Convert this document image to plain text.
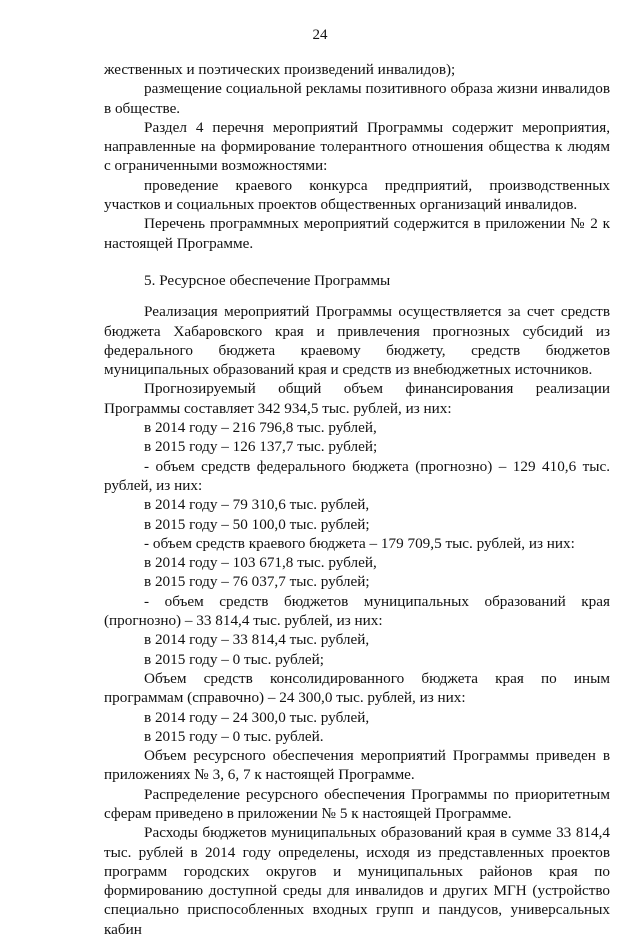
24

жественных и поэтических произведений инвалидов);

размещение социальной рекламы позитивного образа жизни инвалидов в обществе.

Раздел 4 перечня мероприятий Программы содержит мероприятия, направленные на формирование толерантного отношения общества к людям с ограниченными возможностями:

проведение краевого конкурса предприятий, производственных участков и социальных проектов общественных организаций инвалидов.

Перечень программных мероприятий содержится в приложении № 2 к настоящей Программе.

5. Ресурсное обеспечение Программы

Реализация мероприятий Программы осуществляется за счет средств бюджета Хабаровского края и привлечения прогнозных субсидий из федерального бюджета краевому бюджету, средств бюджетов муниципальных образований края и средств из внебюджетных источников.

Прогнозируемый общий объем финансирования реализации Программы составляет 342 934,5 тыс. рублей, из них:

в 2014 году – 216 796,8 тыс. рублей,

в 2015 году – 126 137,7 тыс. рублей;

- объем средств федерального бюджета (прогнозно) – 129 410,6 тыс. рублей, из них:

в 2014 году – 79 310,6 тыс. рублей,

в 2015 году – 50 100,0 тыс. рублей;

- объем средств краевого бюджета – 179 709,5 тыс. рублей, из них:

в 2014 году – 103 671,8 тыс. рублей,

в 2015 году – 76 037,7 тыс. рублей;

- объем средств бюджетов муниципальных образований края (прогнозно) – 33 814,4 тыс. рублей, из них:

в 2014 году – 33 814,4 тыс. рублей,

в 2015 году – 0 тыс. рублей;

Объем средств консолидированного бюджета края по иным программам (справочно) – 24 300,0 тыс. рублей, из них:

в 2014 году – 24 300,0 тыс. рублей,

в 2015 году – 0 тыс. рублей.

Объем ресурсного обеспечения мероприятий Программы приведен в приложениях № 3, 6, 7 к настоящей Программе.

Распределение ресурсного обеспечения Программы по приоритетным сферам приведено в приложении № 5 к настоящей Программе.

Расходы бюджетов муниципальных образований края в сумме 33 814,4 тыс. рублей в 2014 году определены, исходя из представленных проектов программ городских округов и муниципальных районов края по формированию доступной среды для инвалидов и других МГН (устройство специально приспособленных входных групп и пандусов, универсальных кабин
